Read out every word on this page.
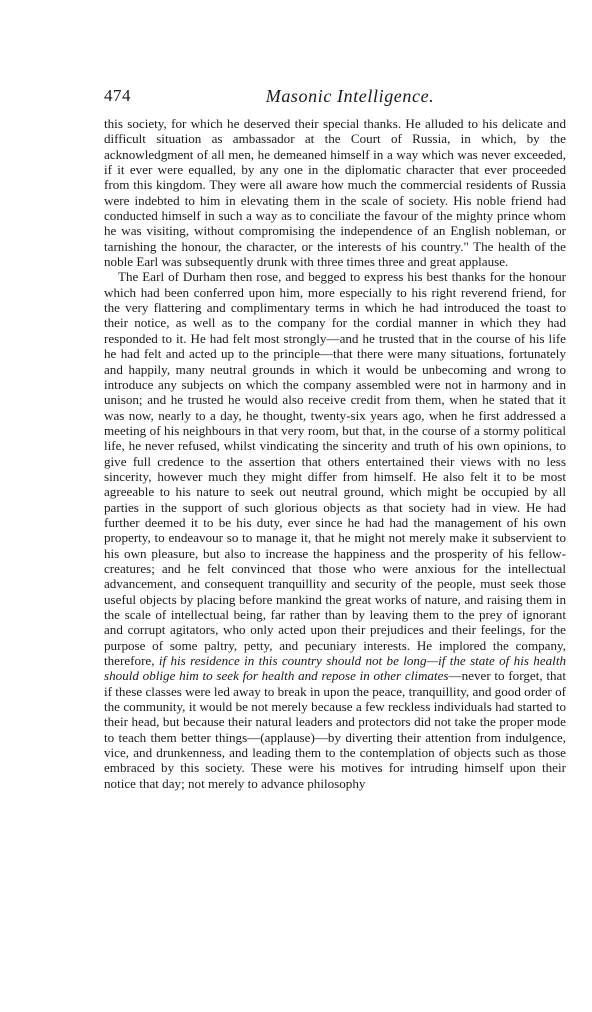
474	Masonic Intelligence.

this society, for which he deserved their special thanks. He alluded to his delicate and difficult situation as ambassador at the Court of Russia, in which, by the acknowledgment of all men, he demeaned himself in a way which was never exceeded, if it ever were equalled, by any one in the diplomatic character that ever proceeded from this kingdom. They were all aware how much the commercial residents of Russia were indebted to him in elevating them in the scale of society. His noble friend had conducted himself in such a way as to conciliate the favour of the mighty prince whom he was visiting, without compromising the independence of an English nobleman, or tarnishing the honour, the character, or the interests of his country." The health of the noble Earl was subsequently drunk with three times three and great applause.

The Earl of Durham then rose, and begged to express his best thanks for the honour which had been conferred upon him, more especially to his right reverend friend, for the very flattering and complimentary terms in which he had introduced the toast to their notice, as well as to the company for the cordial manner in which they had responded to it. He had felt most strongly—and he trusted that in the course of his life he had felt and acted up to the principle—that there were many situations, fortunately and happily, many neutral grounds in which it would be unbecoming and wrong to introduce any subjects on which the company assembled were not in harmony and in unison; and he trusted he would also receive credit from them, when he stated that it was now, nearly to a day, he thought, twenty-six years ago, when he first addressed a meeting of his neighbours in that very room, but that, in the course of a stormy political life, he never refused, whilst vindicating the sincerity and truth of his own opinions, to give full credence to the assertion that others entertained their views with no less sincerity, however much they might differ from himself. He also felt it to be most agreeable to his nature to seek out neutral ground, which might be occupied by all parties in the support of such glorious objects as that society had in view. He had further deemed it to be his duty, ever since he had had the management of his own property, to endeavour so to manage it, that he might not merely make it subservient to his own pleasure, but also to increase the happiness and the prosperity of his fellow-creatures; and he felt convinced that those who were anxious for the intellectual advancement, and consequent tranquillity and security of the people, must seek those useful objects by placing before mankind the great works of nature, and raising them in the scale of intellectual being, far rather than by leaving them to the prey of ignorant and corrupt agitators, who only acted upon their prejudices and their feelings, for the purpose of some paltry, petty, and pecuniary interests. He implored the company, therefore, if his residence in this country should not be long—if the state of his health should oblige him to seek for health and repose in other climates—never to forget, that if these classes were led away to break in upon the peace, tranquillity, and good order of the community, it would be not merely because a few reckless individuals had started to their head, but because their natural leaders and protectors did not take the proper mode to teach them better things—(applause)—by diverting their attention from indulgence, vice, and drunkenness, and leading them to the contemplation of objects such as those embraced by this society. These were his motives for intruding himself upon their notice that day; not merely to advance philosophy
